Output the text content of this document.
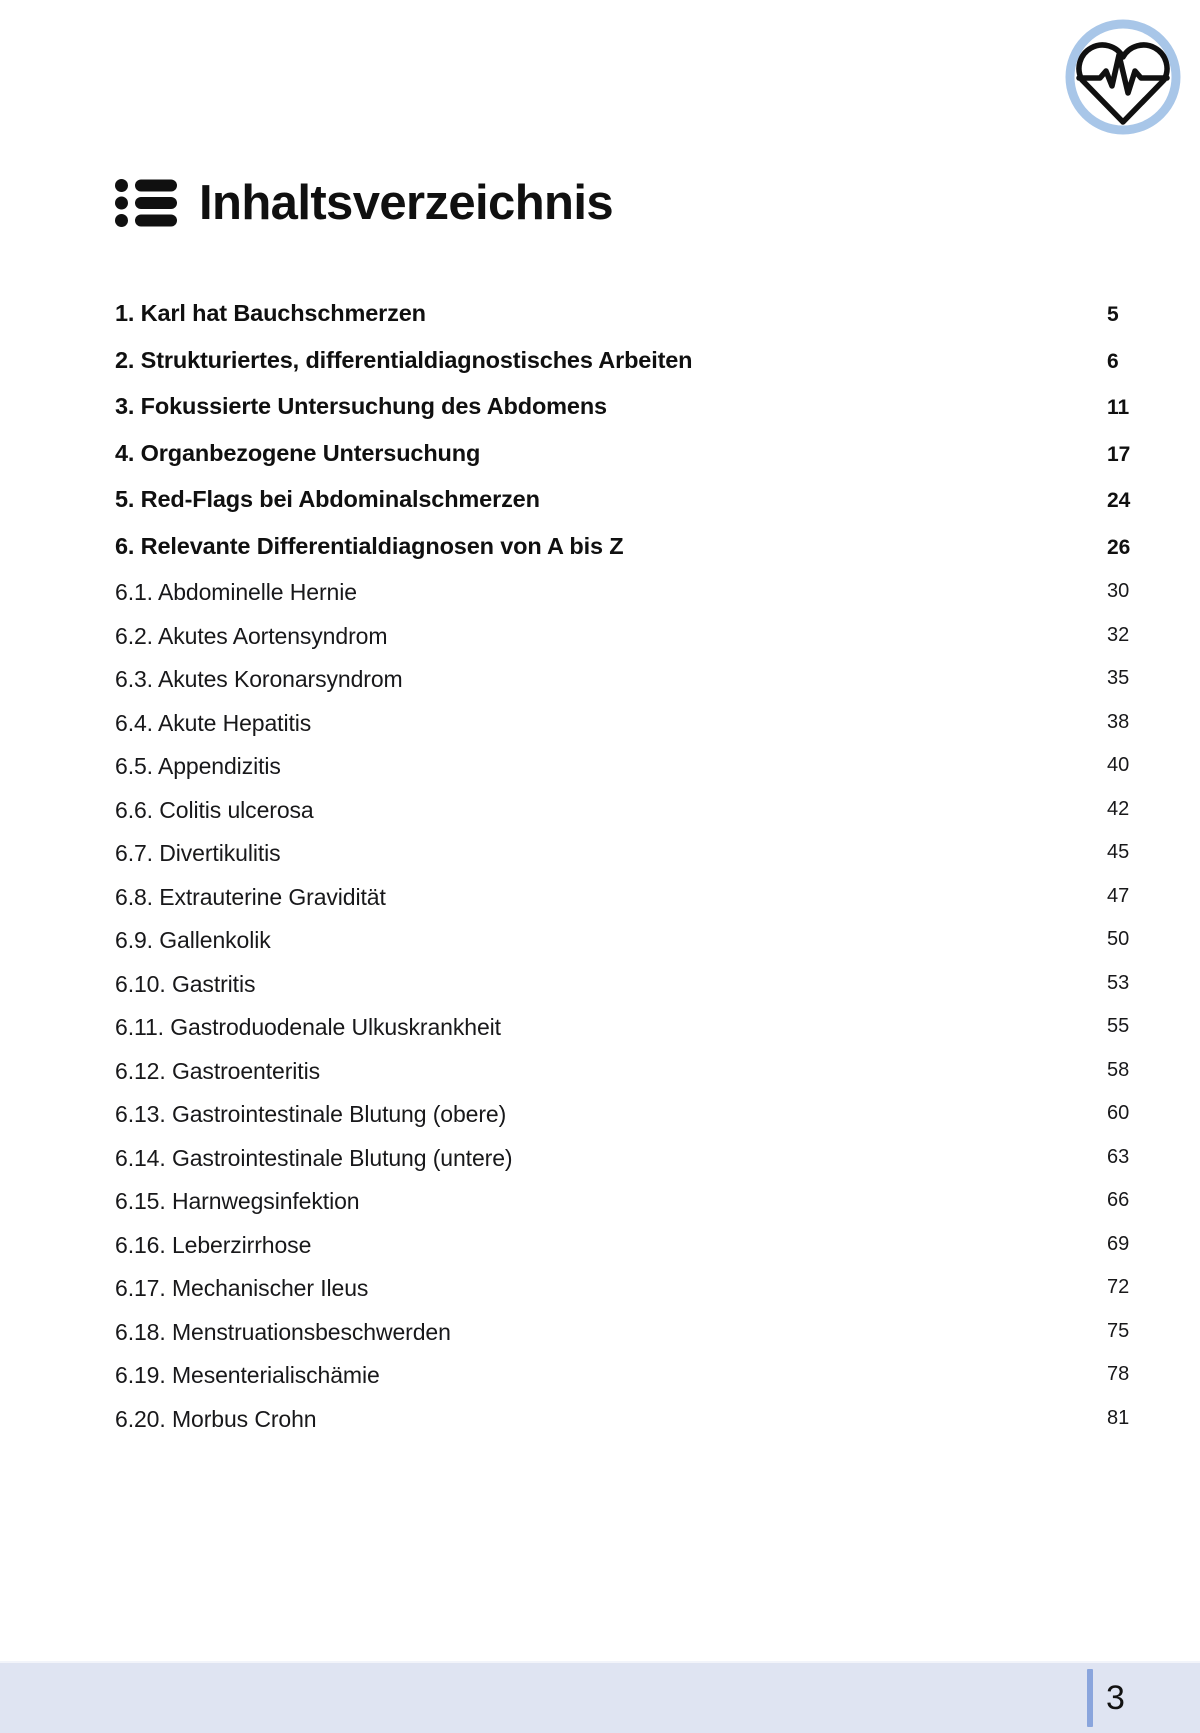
Inhaltsverzeichnis
1. Karl hat Bauchschmerzen	5
2. Strukturiertes, differentialdiagnostisches Arbeiten	6
3. Fokussierte Untersuchung des Abdomens	11
4. Organbezogene Untersuchung	17
5. Red-Flags bei Abdominalschmerzen	24
6. Relevante Differentialdiagnosen von A bis Z	26
6.1. Abdominelle Hernie	30
6.2. Akutes Aortensyndrom	32
6.3. Akutes Koronarsyndrom	35
6.4. Akute Hepatitis	38
6.5. Appendizitis	40
6.6. Colitis ulcerosa	42
6.7. Divertikulitis	45
6.8. Extrauterine Gravidität	47
6.9. Gallenkolik	50
6.10. Gastritis	53
6.11. Gastroduodenale Ulkuskrankheit	55
6.12. Gastroenteritis	58
6.13. Gastrointestinale Blutung (obere)	60
6.14. Gastrointestinale Blutung (untere)	63
6.15. Harnwegsinfektion	66
6.16. Leberzirrhose	69
6.17. Mechanischer Ileus	72
6.18. Menstruationsbeschwerden	75
6.19. Mesenterialischämie	78
6.20. Morbus Crohn	81
3
